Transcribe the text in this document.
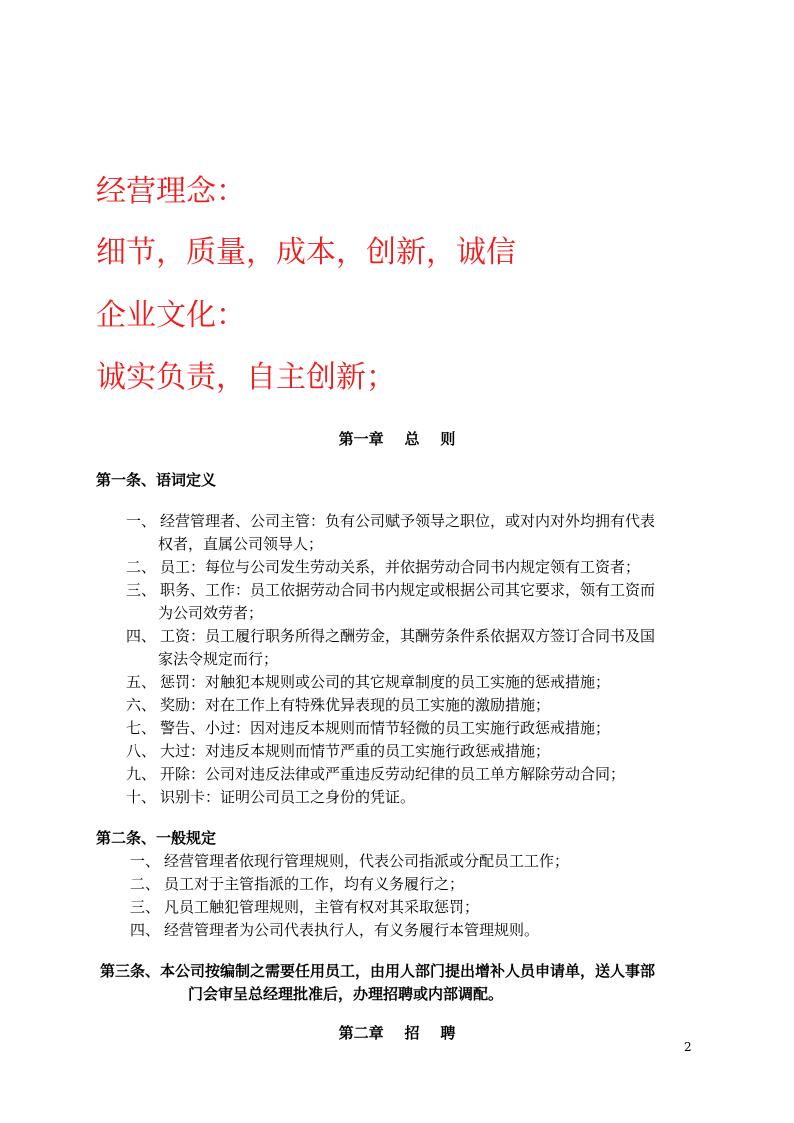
经营理念：
细节，质量，成本，创新，诚信
企业文化：
诚实负责，自主创新；
第一章    总    则
第一条、语词定义
一、 经营管理者、公司主管：负有公司赋予领导之职位，或对内对外均拥有代表
权者，直属公司领导人；
二、 员工：每位与公司发生劳动关系，并依据劳动合同书内规定领有工资者；
三、 职务、工作：员工依据劳动合同书内规定或根据公司其它要求，领有工资而
为公司效劳者；
四、 工资：员工履行职务所得之酬劳金，其酬劳条件系依据双方签订合同书及国
家法令规定而行；
五、 惩罚：对触犯本规则或公司的其它规章制度的员工实施的惩戒措施；
六、 奖励：对在工作上有特殊优异表现的员工实施的激励措施；
七、 警告、小过：因对违反本规则而情节轻微的员工实施行政惩戒措施；
八、 大过：对违反本规则而情节严重的员工实施行政惩戒措施；
九、 开除：公司对违反法律或严重违反劳动纪律的员工单方解除劳动合同；
十、 识别卡：证明公司员工之身份的凭证。
第二条、一般规定
一、 经营管理者依现行管理规则，代表公司指派或分配员工工作；
二、 员工对于主管指派的工作，均有义务履行之；
三、 凡员工触犯管理规则，主管有权对其采取惩罚；
四、 经营管理者为公司代表执行人，有义务履行本管理规则。
第三条、本公司按编制之需要任用员工，由用人部门提出增补人员申请单，送人事部
门会审呈总经理批准后，办理招聘或内部调配。
第二章    招    聘
2
